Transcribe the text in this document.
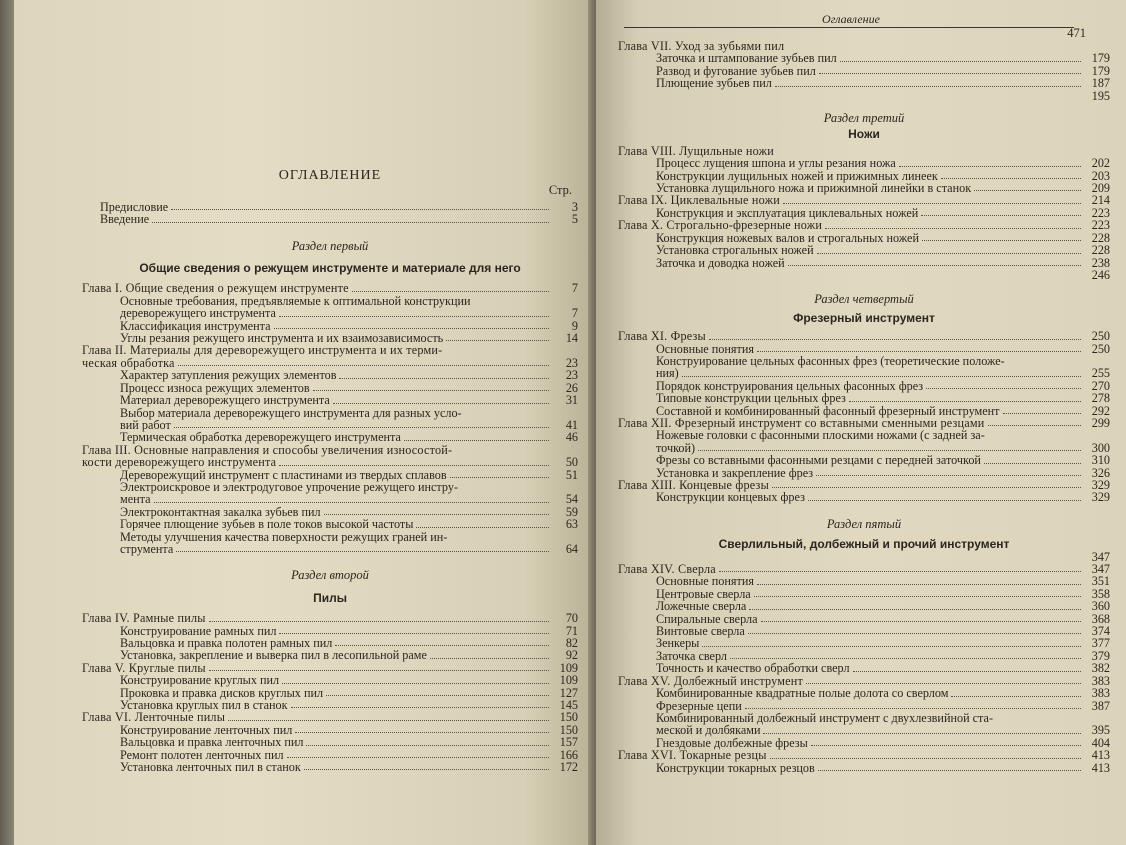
ОГЛАВЛЕНИЕ
Стр.
Предисловие	3
Введение	5
Раздел первый
Общие сведения о режущем инструменте и материале для него
Глава I. Общие сведения о режущем инструменте	7
Основные требования, предъявляемые к оптимальной конструкции
дереворежущего инструмента	7
Классификация инструмента	9
Углы резания режущего инструмента и их взаимозависимость	14
Глава II. Материалы для дереворежущего инструмента и их терми-
ческая обработка	23
Характер затупления режущих элементов	23
Процесс износа режущих элементов	26
Материал дереворежущего инструмента	31
Выбор материала дереворежущего инструмента для разных усло-
вий работ	41
Термическая обработка дереворежущего инструмента	46
Глава III. Основные направления и способы увеличения износостой-
кости дереворежущего инструмента	50
Дереворежущий инструмент с пластинами из твердых сплавов	51
Электроискровое и электродуговое упрочение режущего инстру-
мента	54
Электроконтактная закалка зубьев пил	59
Горячее плющение зубьев в поле токов высокой частоты	63
Методы улучшения качества поверхности режущих граней ин-
струмента	64
Раздел второй
Пилы
Глава IV. Рамные пилы	70
Конструирование рамных пил	71
Вальцовка и правка полотен рамных пил	82
Установка, закрепление и выверка пил в лесопильной раме	92
Глава V. Круглые пилы	109
Конструирование круглых пил	109
Проковка и правка дисков круглых пил	127
Установка круглых пил в станок	145
Глава VI. Ленточные пилы	150
Конструирование ленточных пил	150
Вальцовка и правка ленточных пил	157
Ремонт полотен ленточных пил	166
Установка ленточных пил в станок	172
Оглавление
471
Глава VII. Уход за зубьями пил
Заточка и штампование зубьев пил	179
Развод и фугование зубьев пил	179
Плющение зубьев пил	187
195
Раздел третий
Ножи
Глава VIII. Лущильные ножи
Процесс лущения шпона и углы резания ножа	202
Конструкции лущильных ножей и прижимных линеек	203
Установка лущильного ножа и прижимной линейки в станок	209
Глава IX. Циклевальные ножи	214
Конструкция и эксплуатация циклевальных ножей	223
Глава X. Строгально-фрезерные ножи	223
Конструкция ножевых валов и строгальных ножей	228
Установка строгальных ножей	228
Заточка и доводка ножей	238
246
Раздел четвертый
Фрезерный инструмент
Глава XI. Фрезы	250
Основные понятия	250
Конструирование цельных фасонных фрез (теоретические положе-
ния)	255
Порядок конструирования цельных фасонных фрез	270
Типовые конструкции цельных фрез	278
Составной и комбинированный фасонный фрезерный инструмент	292
Глава XII. Фрезерный инструмент со вставными сменными резцами	299
Ножевые головки с фасонными плоскими ножами (с задней за-
точкой)	300
Фрезы со вставными фасонными резцами с передней заточкой	310
Установка и закрепление фрез	326
Глава XIII. Концевые фрезы	329
Конструкции концевых фрез	329
Раздел пятый
Сверлильный, долбежный и прочий инструмент
347
Глава XIV. Сверла	347
Основные понятия	351
Центровые сверла	358
Ложечные сверла	360
Спиральные сверла	368
Винтовые сверла	374
Зенкеры	377
Заточка сверл	379
Точность и качество обработки сверл	382
Глава XV. Долбежный инструмент	383
Комбинированные квадратные полые долота со сверлом	383
Фрезерные цепи	387
Комбинированный долбежный инструмент с двухлезвийной ста-
меской и долбяками	395
Гнездовые долбежные фрезы	404
Глава XVI. Токарные резцы	413
Конструкции токарных резцов	413
